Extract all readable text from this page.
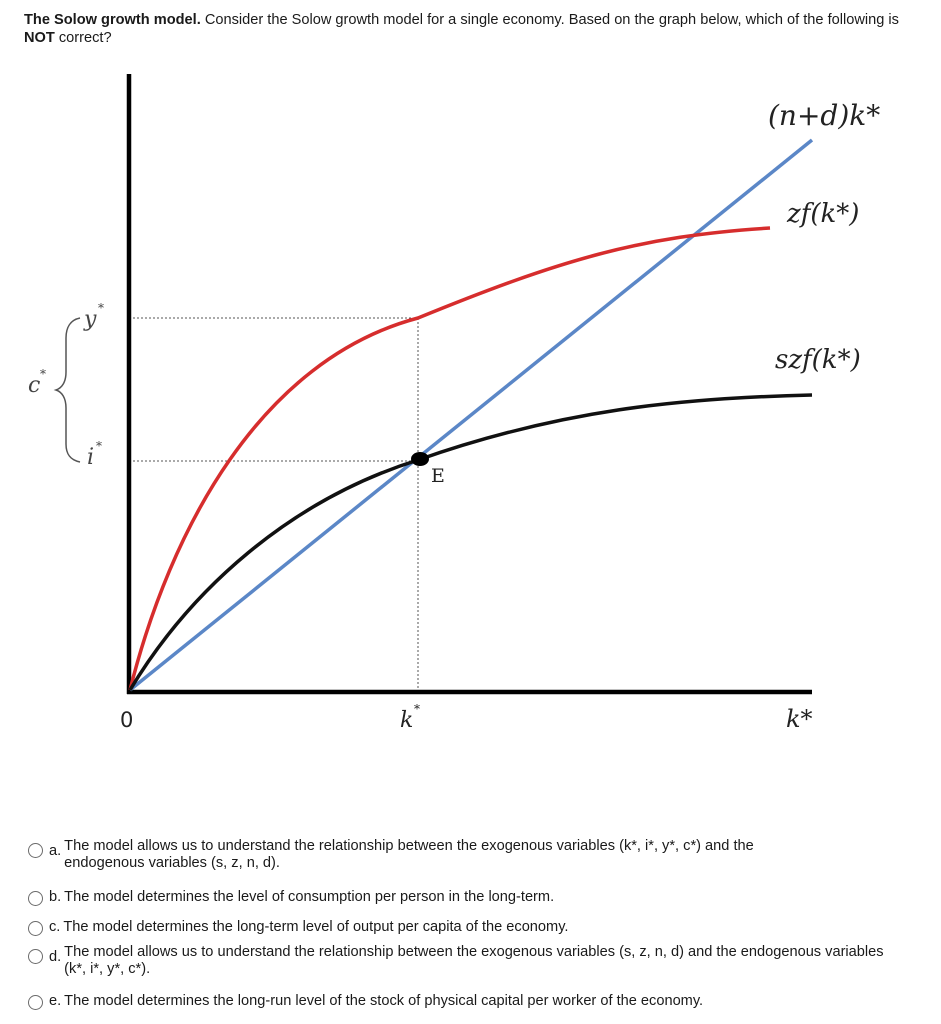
The Solow growth model. Consider the Solow growth model for a single economy. Based on the graph below, which of the following is NOT correct?
(n+d)k*
zf(k*)
szf(k*)
E
0	k *	k*
y *
i *
c *
a. The model allows us to understand the relationship between the exogenous variables (k*, i*, y*, c*) and the endogenous variables (s, z, n, d).
b. The model determines the level of consumption per person in the long-term.
c. The model determines the long-term level of output per capita of the economy.
d. The model allows us to understand the relationship between the exogenous variables (s, z, n, d) and the endogenous variables (k*, i*, y*, c*).
e. The model determines the long-run level of the stock of physical capital per worker of the economy.
